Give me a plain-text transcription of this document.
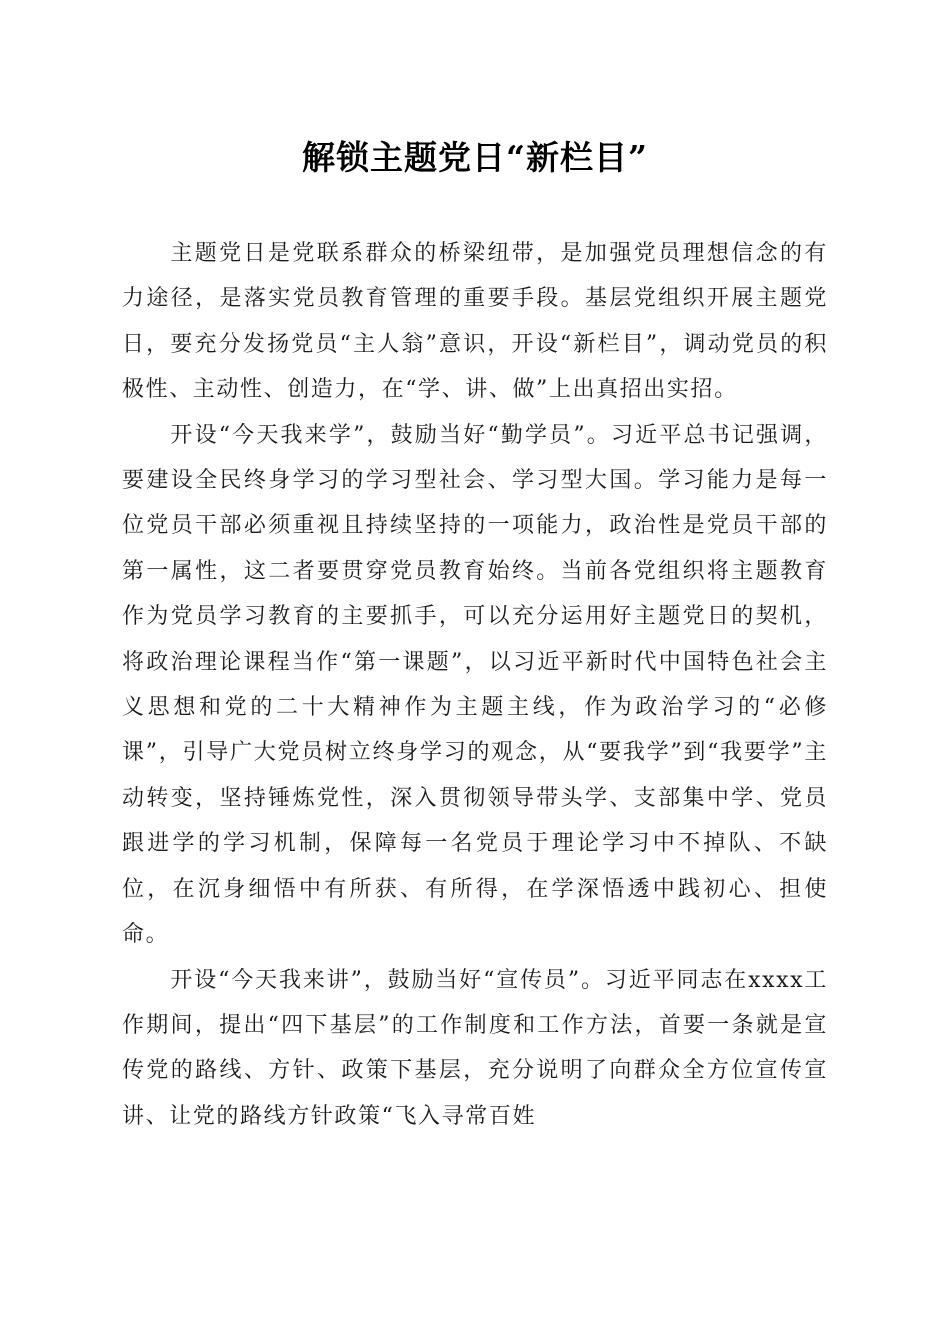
解锁主题党日“新栏目”

主题党日是党联系群众的桥梁纽带，是加强党员理想信念的有力途径，是落实党员教育管理的重要手段。基层党组织开展主题党日，要充分发扬党员“主人翁”意识，开设“新栏目”，调动党员的积极性、主动性、创造力，在“学、讲、做”上出真招出实招。

开设“今天我来学”，鼓励当好“勤学员”。习近平总书记强调，要建设全民终身学习的学习型社会、学习型大国。学习能力是每一位党员干部必须重视且持续坚持的一项能力，政治性是党员干部的第一属性，这二者要贯穿党员教育始终。当前各党组织将主题教育作为党员学习教育的主要抓手，可以充分运用好主题党日的契机，将政治理论课程当作“第一课题”，以习近平新时代中国特色社会主义思想和党的二十大精神作为主题主线，作为政治学习的“必修课”，引导广大党员树立终身学习的观念，从“要我学”到“我要学”主动转变，坚持锤炼党性，深入贯彻领导带头学、支部集中学、党员跟进学的学习机制，保障每一名党员于理论学习中不掉队、不缺位，在沉身细悟中有所获、有所得，在学深悟透中践初心、担使命。

开设“今天我来讲”，鼓励当好“宣传员”。习近平同志在xxxx工作期间，提出“四下基层”的工作制度和工作方法，首要一条就是宣传党的路线、方针、政策下基层，充分说明了向群众全方位宣传宣讲、让党的路线方针政策“飞入寻常百姓
